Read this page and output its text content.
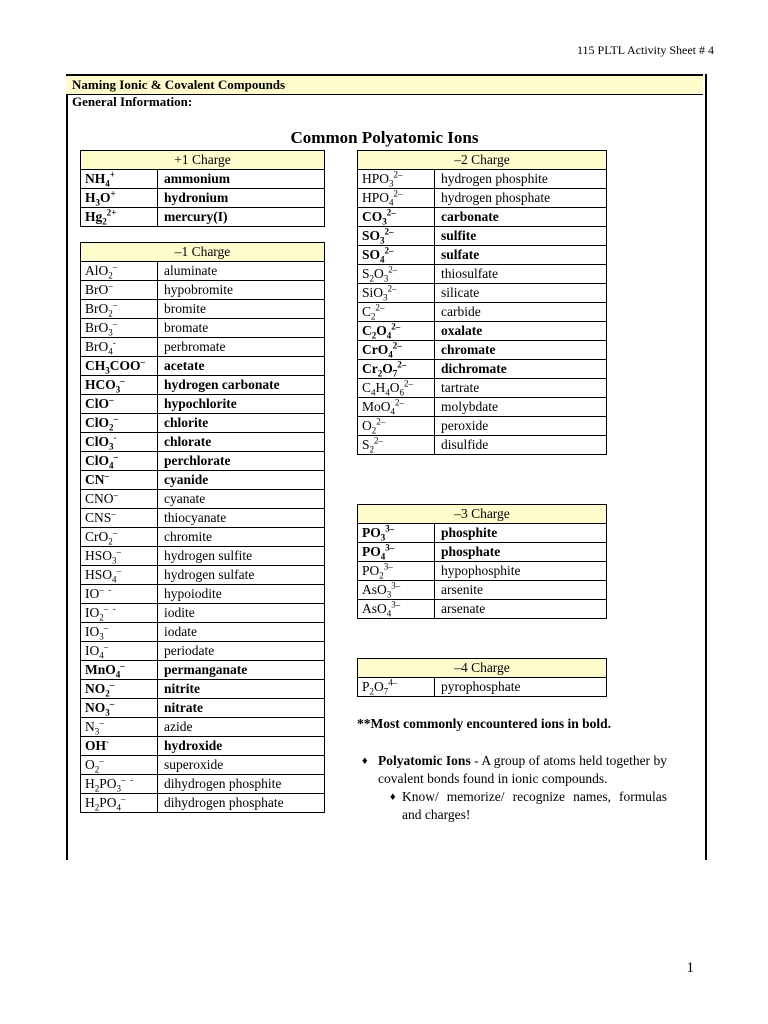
115 PLTL Activity Sheet # 4
Naming Ionic & Covalent Compounds
General Information:
Common Polyatomic Ions
+1 Charge	
$NH_4^+$	ammonium
$H_3O^+$	hydronium
$Hg_2^{2+}$	mercury(I)
–1 Charge	
AlO$_2$–	aluminate
BrO–	hypobromite
BrO$_2$–	bromite
BrO$_3$–	bromate
BrO$_4$-	perbromate
$CH_3COO^-$	acetate
$HCO_3^-$	hydrogen carbonate
ClO–	hypochlorite
ClO$_2$–	chlorite
ClO$_3$-	chlorate
ClO$_4$–	perchlorate
CN–	cyanide
CNO–	cyanate
CNS–	thiocyanate
CrO$_2$–	chromite
$HSO_3^-$	hydrogen sulfite
$HSO_4^-$	hydrogen sulfate
IO–  -	hypoiodite
$IO_2^{- -}$	iodite
$IO_3^-$	iodate
$IO_4^-$	periodate
MnO$_4$–	permanganate
$NO_2^-$	nitrite
$NO_3^-$	nitrate
$N_3^-$	azide
OH-	hydroxide
$O_2^-$	superoxide
$H_2PO_3^{- -}$	dihydrogen phosphite
$H_2PO_4^-$	dihydrogen phosphate
–2 Charge	
$HPO_3^{2-}$	hydrogen phosphite
$HPO_4^{2-}$	hydrogen phosphate
$CO_3^{2-}$	carbonate
$SO_3^{2-}$	sulfite
$SO_4^{2-}$	sulfate
$S_2O_3^{2-}$	thiosulfate
SiO$_3^{2-}$	silicate
$C_2^{2-}$	carbide
$C_2O_4^{2-}$	oxalate
CrO$_4^{2-}$	chromate
$Cr_2O_7^{2-}$	dichromate
$C_4H_4O_6^{2-}$	tartrate
MoO$_4^{2-}$	molybdate
$O_2^{2-}$	peroxide
$S_2^{2-}$	disulfide
–3 Charge	
$PO_3^{3-}$	phosphite
$PO_4^{3-}$	phosphate
$PO_2^{3-}$	hypophosphite
AsO$_3^{3-}$	arsenite
AsO$_4^{3-}$	arsenate
–4 Charge
$P_2O_7^{4-}$	pyrophosphate
**Most commonly encountered ions in bold.
♦ Polyatomic Ions - A group of atoms held together by covalent bonds found in ionic compounds.
♦ Know/ memorize/ recognize names, formulas and charges!
1
